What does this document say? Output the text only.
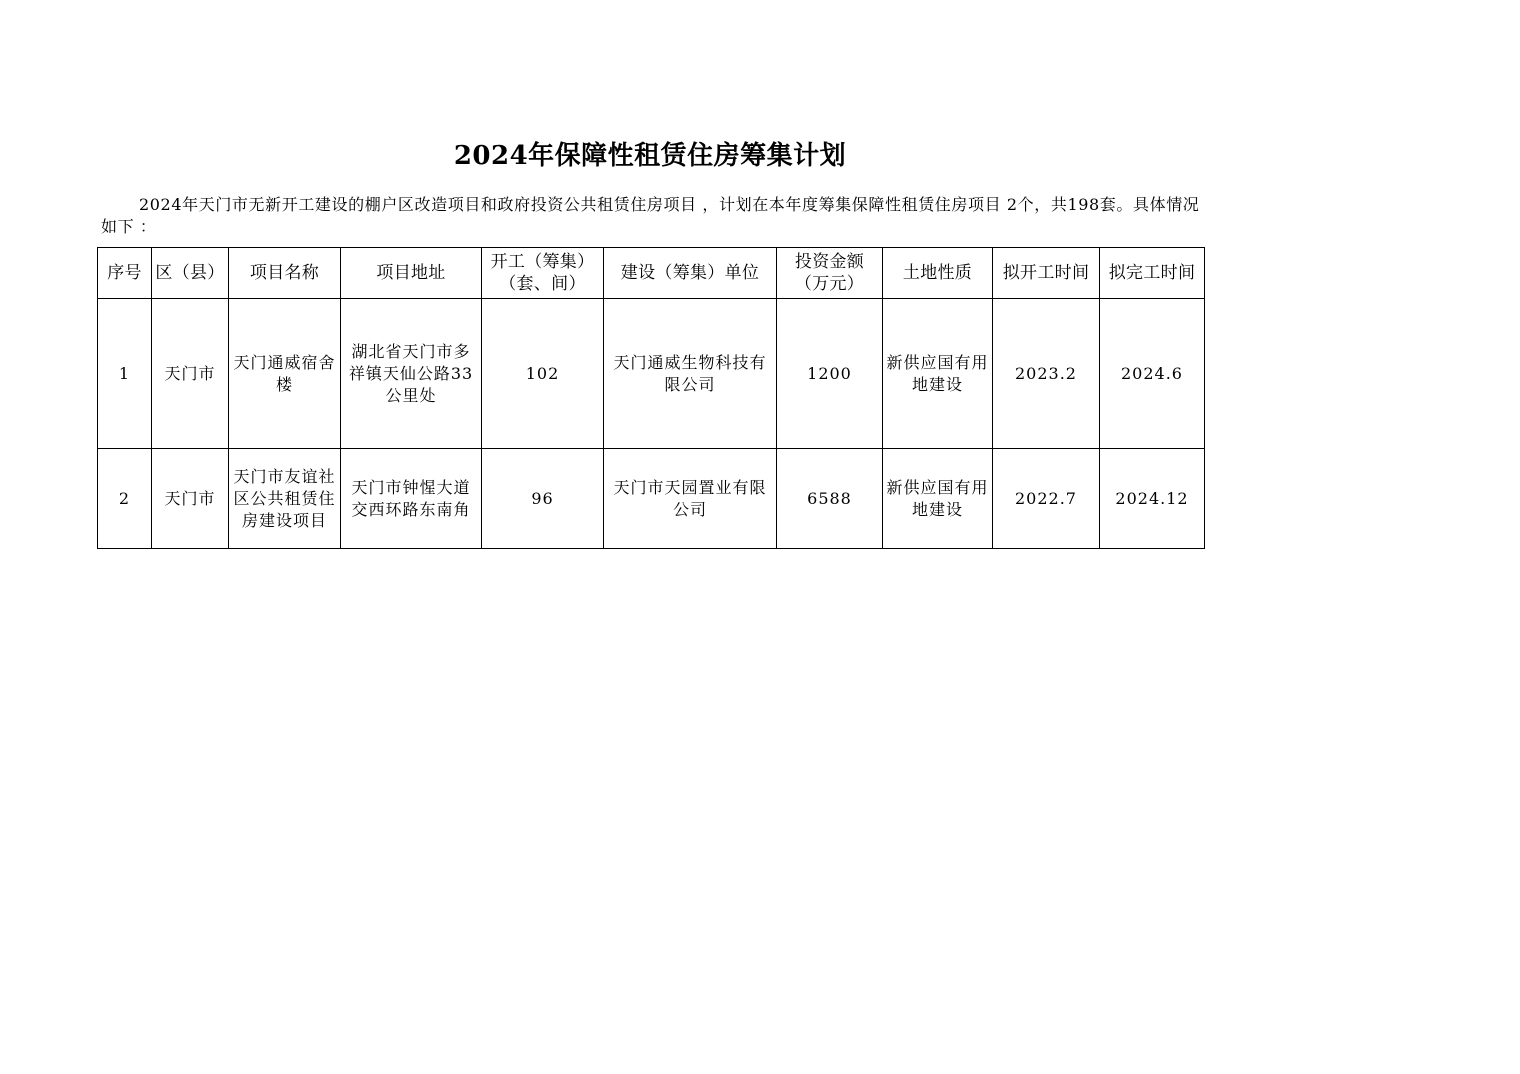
2024年保障性租赁住房筹集计划
2024年天门市无新开工建设的棚户区改造项目和政府投资公共租赁住房项目 ，计划在本年度筹集保障性租赁住房项目 2个，共198套。具体情况如下 ：
序号	区（县）	项目名称	项目地址	开工（筹集）（套、间）	建设（筹集）单位	投资金额（万元）	土地性质	拟开工时间	拟完工时间
1	天门市	天门通威宿舍楼	湖北省天门市多祥镇天仙公路33公里处	102	天门通威生物科技有限公司	1200	新供应国有用地建设	2023.2	2024.6
2	天门市	天门市友谊社区公共租赁住房建设项目	天门市钟惺大道交西环路东南角	96	天门市天园置业有限公司	6588	新供应国有用地建设	2022.7	2024.12
